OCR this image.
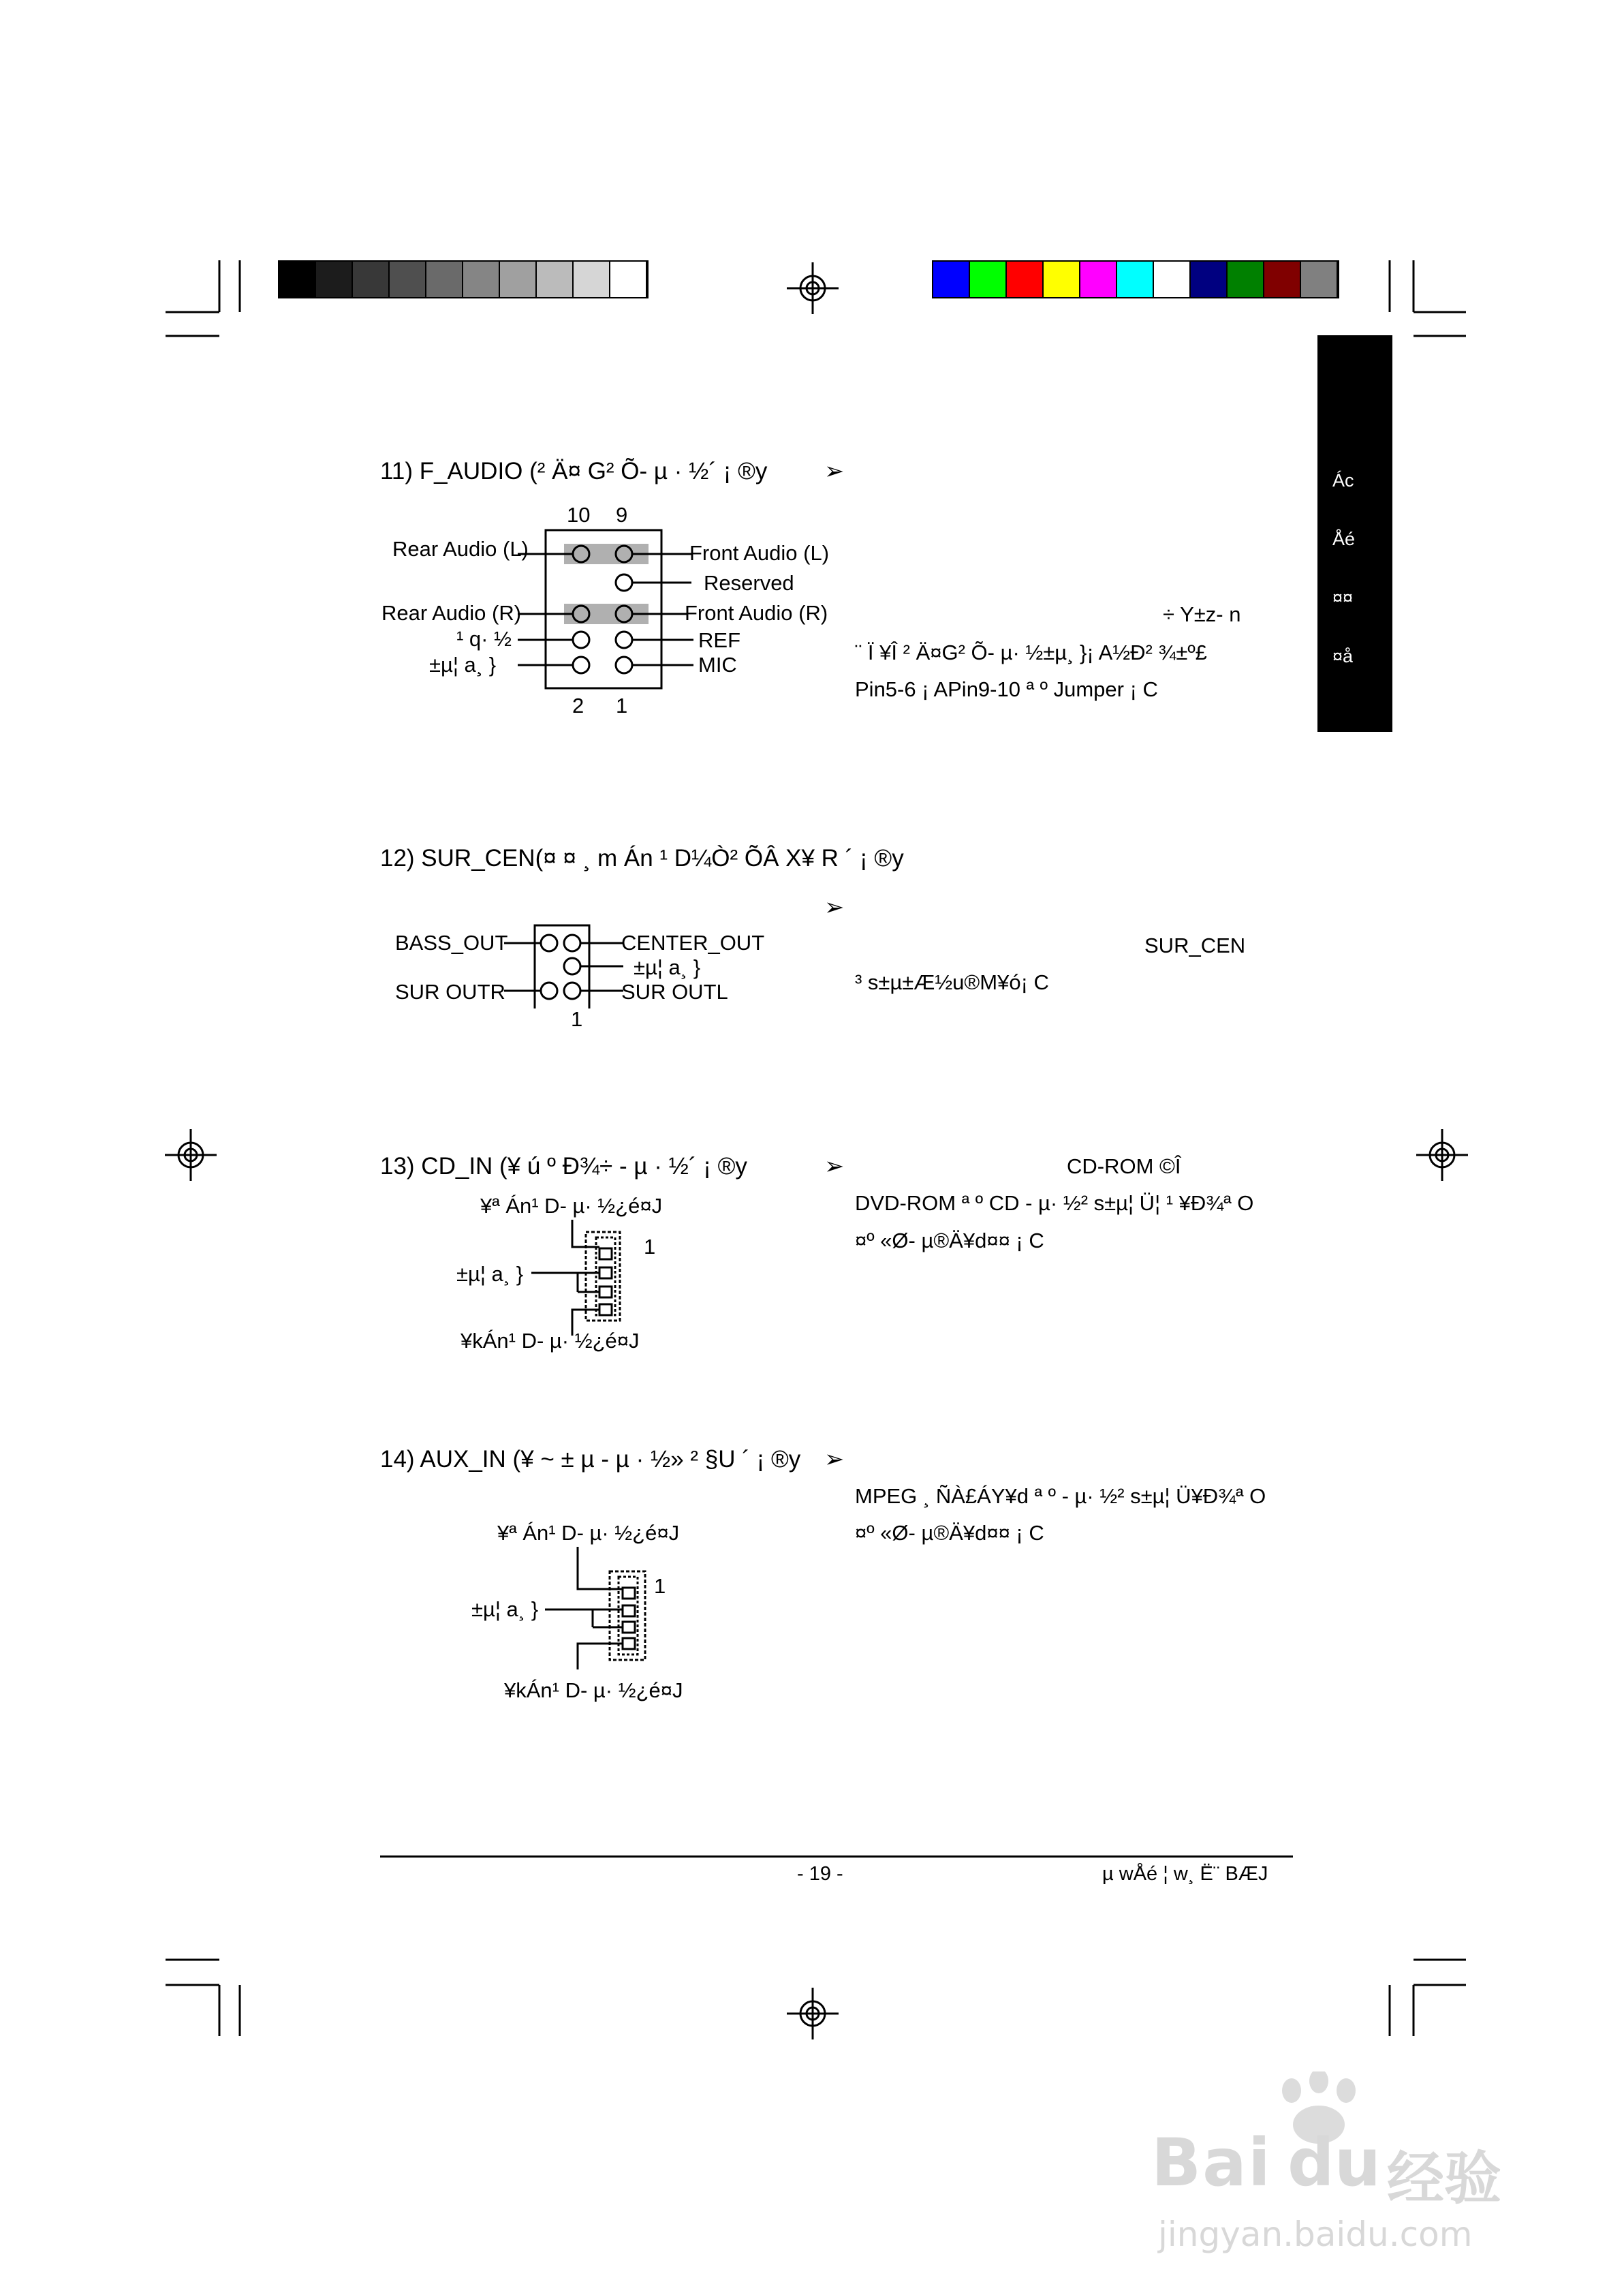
Ác
Åé
¤¤
¤å
11) F_AUDIO (² Ä¤ G² Õ- µ · ½´ ¡ ®y ➢
10 9
2 1
Rear Audio (L)
Rear Audio (R)
¹ q· ½
±µ¦ a¸ }
Front Audio (L)
Reserved
Front Audio (R)
REF
MIC
÷ Y±z- n
¨ Ï ¥Î ² Ä¤G² Õ- µ· ½±µ¸ }¡ A½Ð² ¾±º£
Pin5-6 ¡ APin9-10 ª º Jumper ¡ C
12) SUR_CEN(¤ ¤ ¸ m Án ¹ D¼Ò² ÕÂ X¥ R ´ ¡ ®y
➢
BASS_OUT
SUR OUTR
CENTER_OUT
±µ¦ a¸ }
SUR OUTL
1
SUR_CEN
³ s±µ±Æ½u®M¥ó¡ C
13) CD_IN (¥ ú º Ð¾÷ - µ · ½´ ¡ ®y	➢
¥ª Án¹ D- µ· ½¿é¤J
±µ¦ a¸ }
¥kÁn¹ D- µ· ½¿é¤J
1
CD-ROM ©Î
DVD-ROM ª º CD - µ· ½² s±µ¦ Ü¦ ¹ ¥Ð¾ª O
¤º «Ø- µ®Ä¥d¤¤ ¡ C
14) AUX_IN (¥ ~ ± µ - µ · ½» ² §U ´ ¡ ®y ➢
¥ª Án¹ D- µ· ½¿é¤J
±µ¦ a¸ }
¥kÁn¹ D- µ· ½¿é¤J
1
MPEG ¸ ÑÀ£ÁY¥d ª º - µ· ½² s±µ¦ Ü¥Ð¾ª O
¤º «Ø- µ®Ä¥d¤¤ ¡ C
- 19 -	µ wÅé ¦ w¸ Ë¨ BÆJ
Bai du 经验
jingyan.baidu.com
